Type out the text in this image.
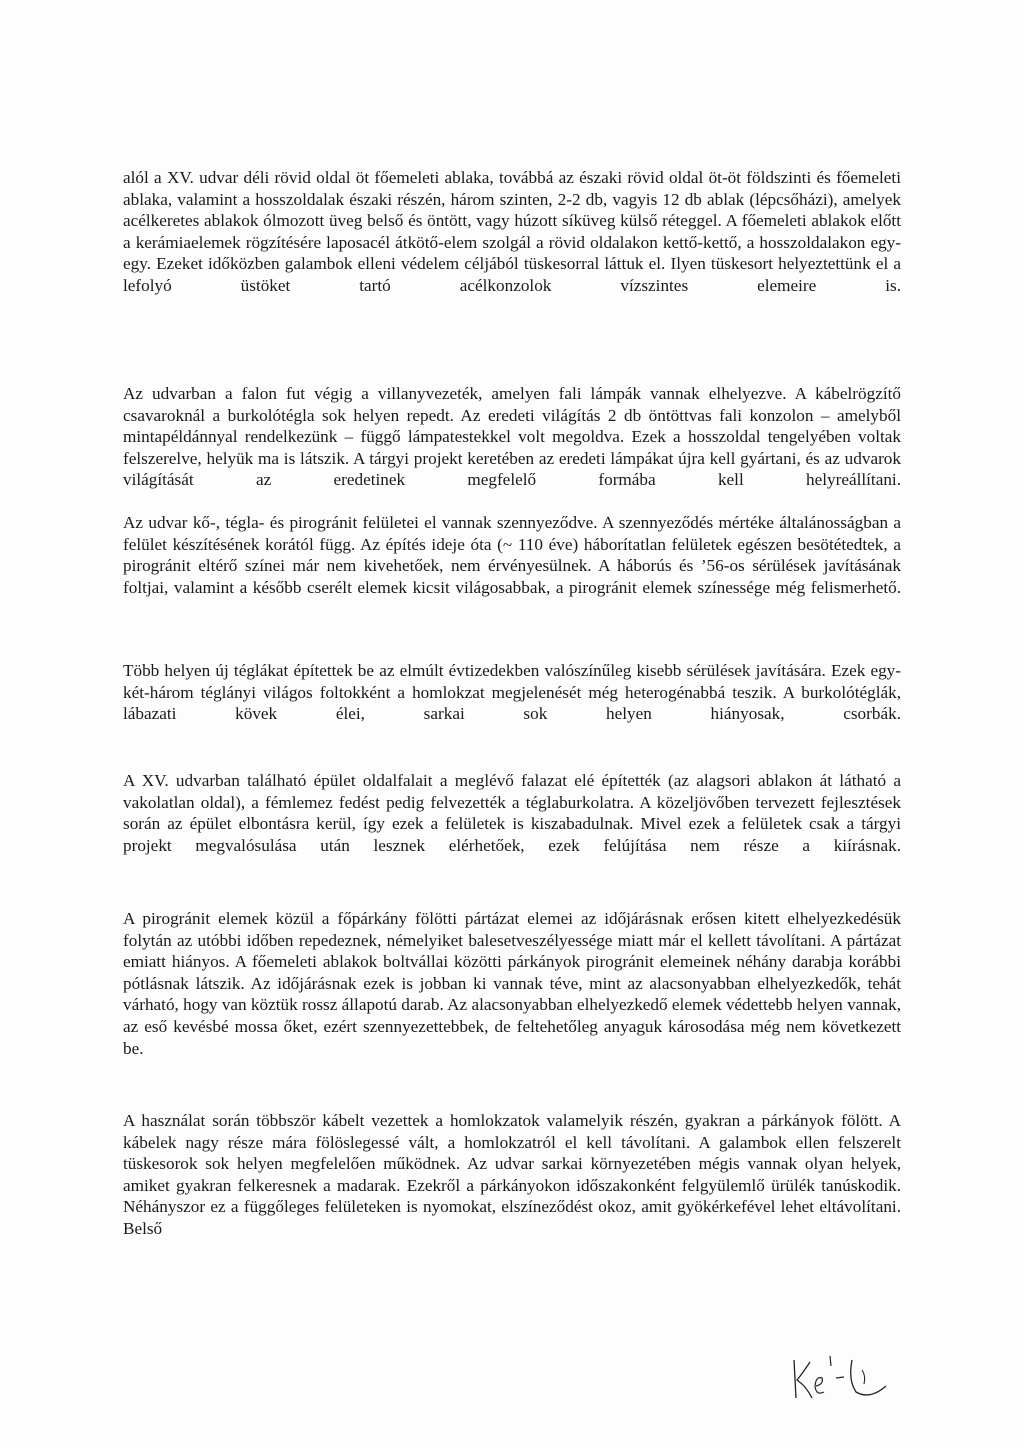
alól a XV. udvar déli rövid oldal öt főemeleti ablaka, továbbá az északi rövid oldal öt-öt földszinti és főemeleti ablaka, valamint a hosszoldalak északi részén, három szinten, 2-2 db, vagyis 12 db ablak (lépcsőházi), amelyek acélkeretes ablakok ólmozott üveg belső és öntött, vagy húzott síküveg külső réteggel. A főemeleti ablakok előtt a kerámiaelemek rögzítésére laposacél átkötő-elem szolgál a rövid oldalakon kettő-kettő, a hosszoldalakon egy-egy. Ezeket időközben galambok elleni védelem céljából tüskesorral láttuk el. Ilyen tüskesort helyeztettünk el a lefolyó üstöket tartó acélkonzolok vízszintes elemeire is.

Az udvarban a falon fut végig a villanyvezeték, amelyen fali lámpák vannak elhelyezve. A kábelrögzítő csavaroknál a burkolótégla sok helyen repedt. Az eredeti világítás 2 db öntöttvas fali konzolon – amelyből mintapéldánnyal rendelkezünk – függő lámpatestekkel volt megoldva. Ezek a hosszoldal tengelyében voltak felszerelve, helyük ma is látszik. A tárgyi projekt keretében az eredeti lámpákat újra kell gyártani, és az udvarok világítását az eredetinek megfelelő formába kell helyreállítani.

Az udvar kő-, tégla- és pirogránit felületei el vannak szennyeződve. A szennyeződés mértéke általánosságban a felület készítésének korától függ. Az építés ideje óta (~ 110 éve) háborítatlan felületek egészen besötétedtek, a pirogránit eltérő színei már nem kivehetőek, nem érvényesülnek. A háborús és ’56-os sérülések javításának foltjai, valamint a később cserélt elemek kicsit világosabbak, a pirogránit elemek színessége még felismerhető.

Több helyen új téglákat építettek be az elmúlt évtizedekben valószínűleg kisebb sérülések javítására. Ezek egy-két-három téglányi világos foltokként a homlokzat megjelenését még heterogénabbá teszik. A burkolótéglák, lábazati kövek élei, sarkai sok helyen hiányosak, csorbák.

A XV. udvarban található épület oldalfalait a meglévő falazat elé építették (az alagsori ablakon át látható a vakolatlan oldal), a fémlemez fedést pedig felvezették a téglaburkolatra. A közeljövőben tervezett fejlesztések során az épület elbontásra kerül, így ezek a felületek is kiszabadulnak. Mivel ezek a felületek csak a tárgyi projekt megvalósulása után lesznek elérhetőek, ezek felújítása nem része a kiírásnak.

A pirogránit elemek közül a főpárkány fölötti pártázat elemei az időjárásnak erősen kitett elhelyezkedésük folytán az utóbbi időben repedeznek, némelyiket balesetveszélyessége miatt már el kellett távolítani. A pártázat emiatt hiányos. A főemeleti ablakok boltvállai közötti párkányok pirogránit elemeinek néhány darabja korábbi pótlásnak látszik. Az időjárásnak ezek is jobban ki vannak téve, mint az alacsonyabban elhelyezkedők, tehát várható, hogy van köztük rossz állapotú darab. Az alacsonyabban elhelyezkedő elemek védettebb helyen vannak, az eső kevésbé mossa őket, ezért szennyezettebbek, de feltehetőleg anyaguk károsodása még nem következett be.

A használat során többször kábelt vezettek a homlokzatok valamelyik részén, gyakran a párkányok fölött. A kábelek nagy része mára fölöslegessé vált, a homlokzatról el kell távolítani. A galambok ellen felszerelt tüskesorok sok helyen megfelelően működnek. Az udvar sarkai környezetében mégis vannak olyan helyek, amiket gyakran felkeresnek a madarak. Ezekről a párkányokon időszakonként felgyülemlő ürülék tanúskodik. Néhányszor ez a függőleges felületeken is nyomokat, elszíneződést okoz, amit gyökérkefével lehet eltávolítani. Belső
